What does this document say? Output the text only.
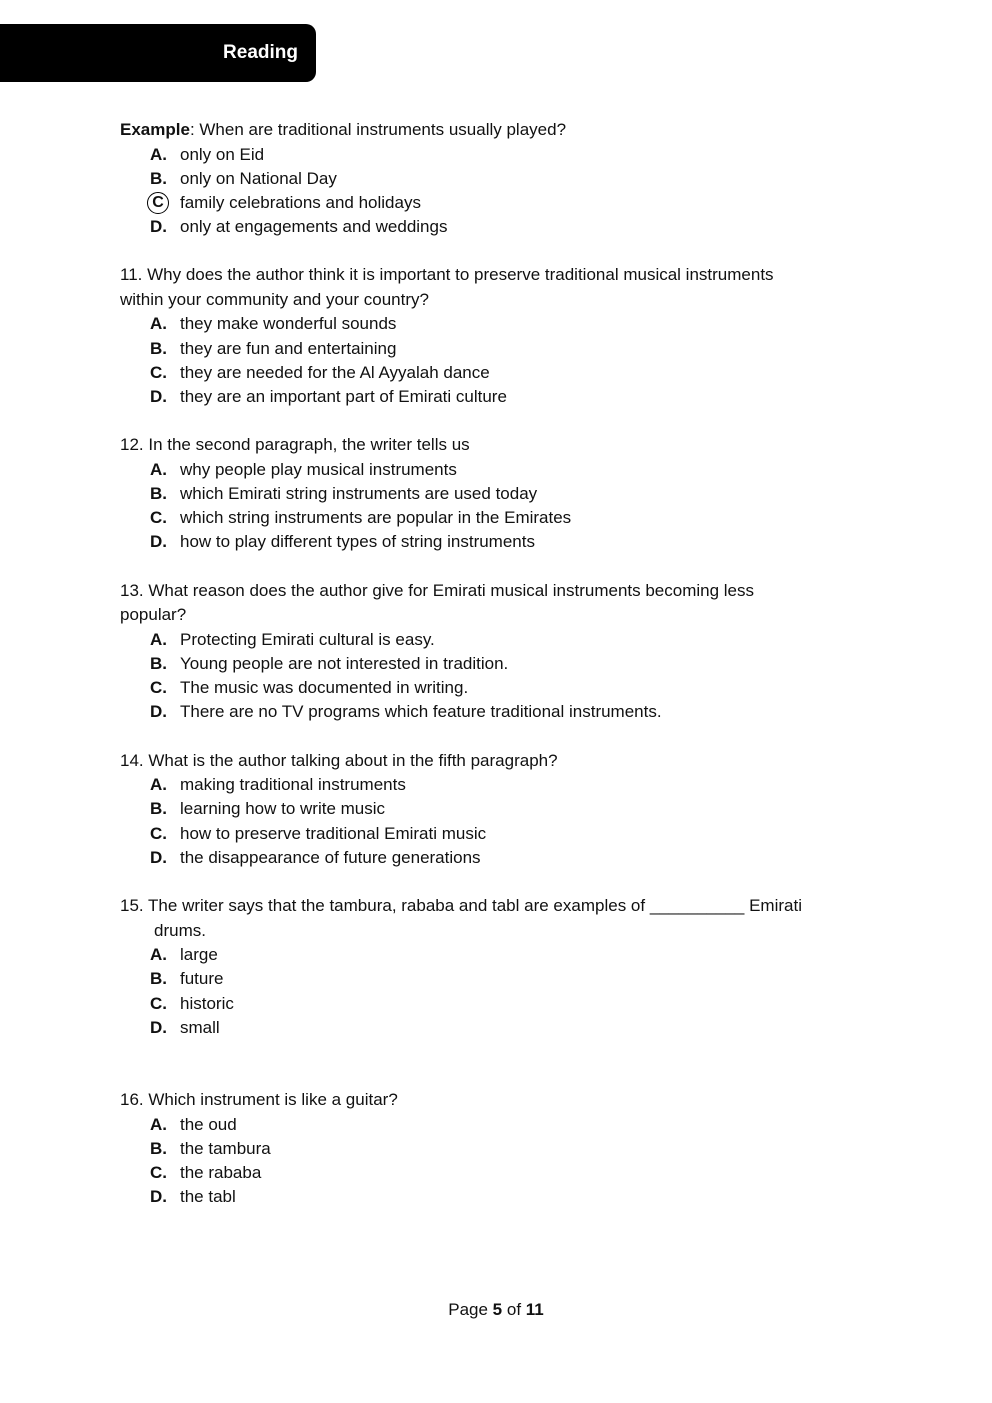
Reading
Example: When are traditional instruments usually played?
A. only on Eid
B. only on National Day
C family celebrations and holidays
D. only at engagements and weddings
11. Why does the author think it is important to preserve traditional musical instruments
within your community and your country?
A. they make wonderful sounds
B. they are fun and entertaining
C. they are needed for the Al Ayyalah dance
D. they are an important part of Emirati culture
12. In the second paragraph, the writer tells us
A. why people play musical instruments
B. which Emirati string instruments are used today
C. which string instruments are popular in the Emirates
D. how to play different types of string instruments
13. What reason does the author give for Emirati musical instruments becoming less
popular?
A. Protecting Emirati cultural is easy.
B. Young people are not interested in tradition.
C. The music was documented in writing.
D. There are no TV programs which feature traditional instruments.
14. What is the author talking about in the fifth paragraph?
A. making traditional instruments
B. learning how to write music
C. how to preserve traditional Emirati music
D. the disappearance of future generations
15. The writer says that the tambura, rababa and tabl are examples of __________ Emirati
drums.
A. large
B. future
C. historic
D. small
16. Which instrument is like a guitar?
A. the oud
B. the tambura
C. the rababa
D. the tabl
Page 5 of 11
